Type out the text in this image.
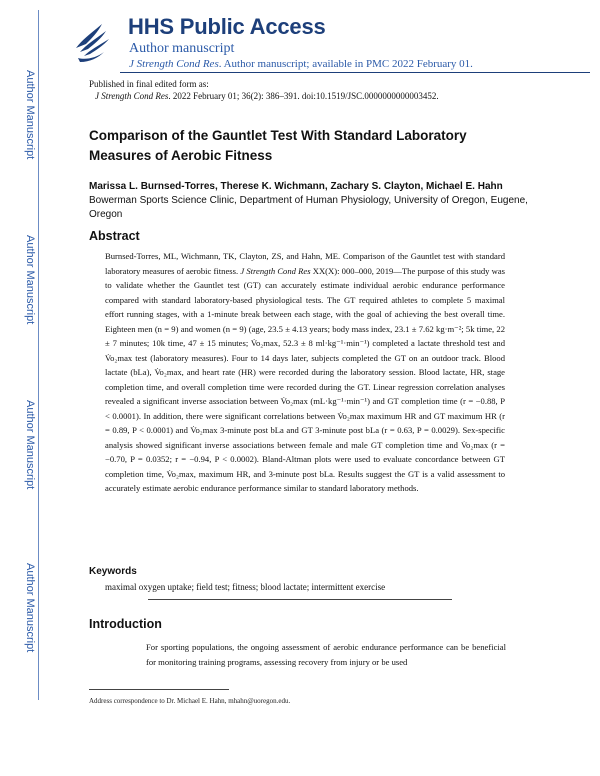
Author Manuscript
Author Manuscript
Author Manuscript
Author Manuscript
HHS Public Access
Author manuscript
J Strength Cond Res. Author manuscript; available in PMC 2022 February 01.
Published in final edited form as:
J Strength Cond Res. 2022 February 01; 36(2): 386–391. doi:10.1519/JSC.0000000000003452.
Comparison of the Gauntlet Test With Standard Laboratory Measures of Aerobic Fitness
Marissa L. Burnsed-Torres, Therese K. Wichmann, Zachary S. Clayton, Michael E. Hahn
Bowerman Sports Science Clinic, Department of Human Physiology, University of Oregon, Eugene, Oregon
Abstract

Burnsed-Torres, ML, Wichmann, TK, Clayton, ZS, and Hahn, ME. Comparison of the Gauntlet test with standard laboratory measures of aerobic fitness. J Strength Cond Res XX(X): 000–000, 2019—The purpose of this study was to validate whether the Gauntlet test (GT) can accurately estimate individual aerobic endurance performance compared with standard laboratory-based physiological tests. The GT required athletes to complete 5 maximal effort running stages, with a 1-minute break between each stage, with the goal of achieving the best overall time. Eighteen men (n = 9) and women (n = 9) (age, 23.5 ± 4.13 years; body mass index, 23.1 ± 7.62 kg·m⁻²; 5k time, 22 ± 7 minutes; 10k time, 47 ± 15 minutes; V̇o₂max, 52.3 ± 8 ml·kg⁻¹·min⁻¹) completed a lactate threshold test and V̇o₂max test (laboratory measures). Four to 14 days later, subjects completed the GT on an outdoor track. Blood lactate (bLa), V̇o₂max, and heart rate (HR) were recorded during the laboratory session. Blood lactate, HR, stage completion time, and overall completion time were recorded during the GT. Linear regression correlation analyses revealed a significant inverse association between V̇o₂max (mL·kg⁻¹·min⁻¹) and GT completion time (r = −0.88, P < 0.0001). In addition, there were significant correlations between V̇o₂max maximum HR and GT maximum HR (r = 0.89, P < 0.0001) and V̇o₂max 3-minute post bLa and GT 3-minute post bLa (r = 0.63, P = 0.0029). Sex-specific analysis showed significant inverse associations between female and male GT completion time and V̇o₂max (r = −0.70, P = 0.0352; r = −0.94, P < 0.0002). Bland-Altman plots were used to evaluate concordance between GT completion time, V̇o₂max, maximum HR, and 3-minute post bLa. Results suggest the GT is a valid assessment to accurately estimate aerobic endurance performance similar to standard laboratory methods.

Keywords
maximal oxygen uptake; field test; fitness; blood lactate; intermittent exercise
Introduction
For sporting populations, the ongoing assessment of aerobic endurance performance can be beneficial for monitoring training programs, assessing recovery from injury or be used
Address correspondence to Dr. Michael E. Hahn, mhahn@uoregon.edu.
